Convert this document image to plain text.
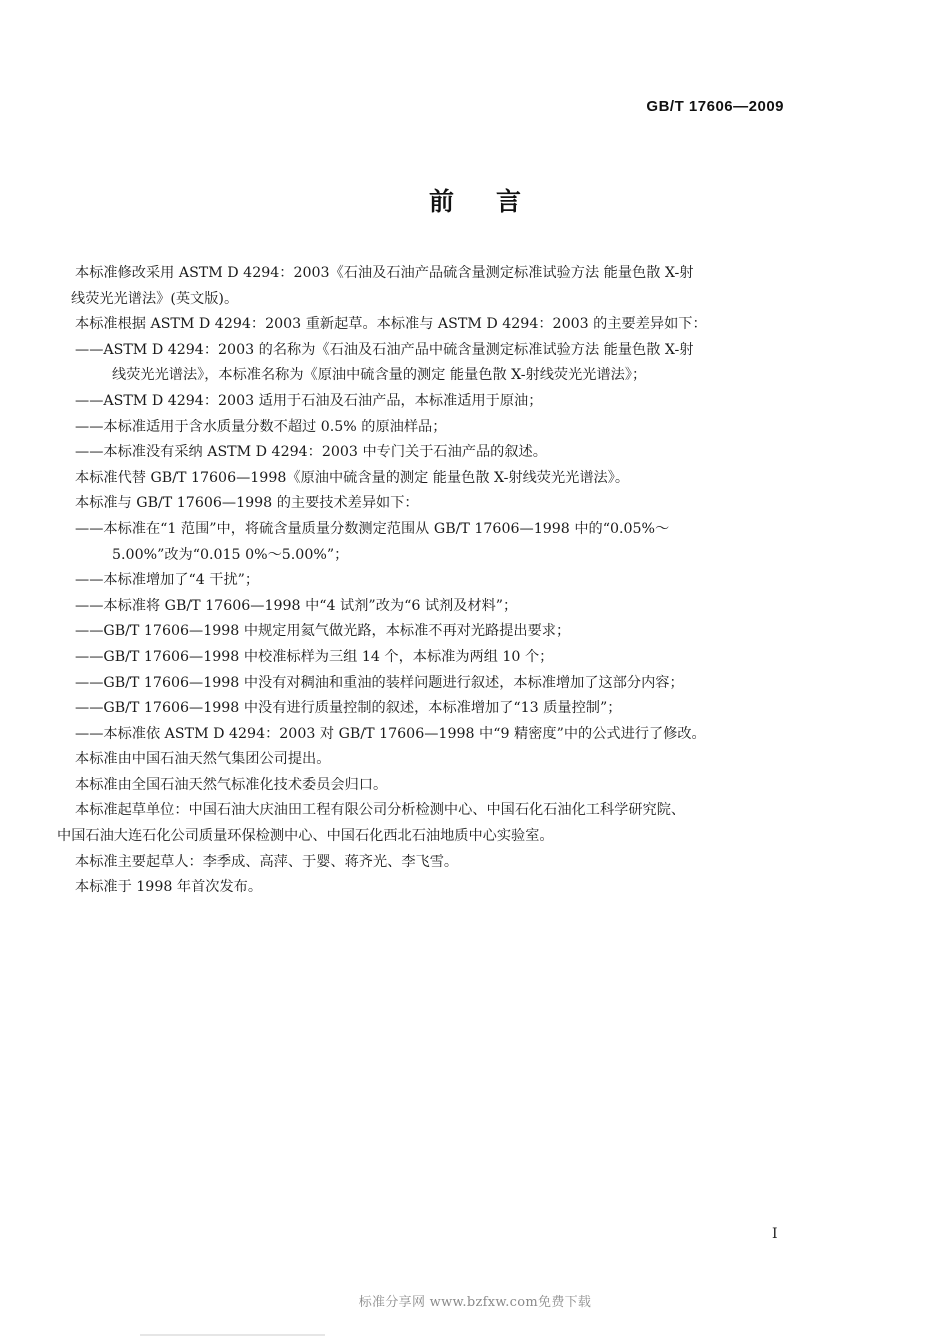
GB/T 17606—2009
前言
本标准修改采用 ASTM D 4294：2003《石油及石油产品硫含量测定标准试验方法 能量色散 X-射
线荧光光谱法》(英文版)。
本标准根据 ASTM D 4294：2003 重新起草。本标准与 ASTM D 4294：2003 的主要差异如下：
——ASTM D 4294：2003 的名称为《石油及石油产品中硫含量测定标准试验方法 能量色散 X-射
线荧光光谱法》，本标准名称为《原油中硫含量的测定 能量色散 X-射线荧光光谱法》；
——ASTM D 4294：2003 适用于石油及石油产品，本标准适用于原油；
——本标准适用于含水质量分数不超过 0.5% 的原油样品；
——本标准没有采纳 ASTM D 4294：2003 中专门关于石油产品的叙述。
本标准代替 GB/T 17606—1998《原油中硫含量的测定 能量色散 X-射线荧光光谱法》。
本标准与 GB/T 17606—1998 的主要技术差异如下：
——本标准在“1 范围”中，将硫含量质量分数测定范围从 GB/T 17606—1998 中的“0.05%～
5.00%”改为“0.015 0%～5.00%”；
——本标准增加了“4 干扰”；
——本标准将 GB/T 17606—1998 中“4 试剂”改为“6 试剂及材料”；
——GB/T 17606—1998 中规定用氦气做光路，本标准不再对光路提出要求；
——GB/T 17606—1998 中校准标样为三组 14 个，本标准为两组 10 个；
——GB/T 17606—1998 中没有对稠油和重油的装样问题进行叙述，本标准增加了这部分内容；
——GB/T 17606—1998 中没有进行质量控制的叙述，本标准增加了“13 质量控制”；
——本标准依 ASTM D 4294：2003 对 GB/T 17606—1998 中“9 精密度”中的公式进行了修改。
本标准由中国石油天然气集团公司提出。
本标准由全国石油天然气标准化技术委员会归口。
本标准起草单位：中国石油大庆油田工程有限公司分析检测中心、中国石化石油化工科学研究院、
中国石油大连石化公司质量环保检测中心、中国石化西北石油地质中心实验室。
本标准主要起草人：李季成、高萍、于婴、蒋齐光、李飞雪。
本标准于 1998 年首次发布。
I
标准分享网 www.bzfxw.com免费下载
